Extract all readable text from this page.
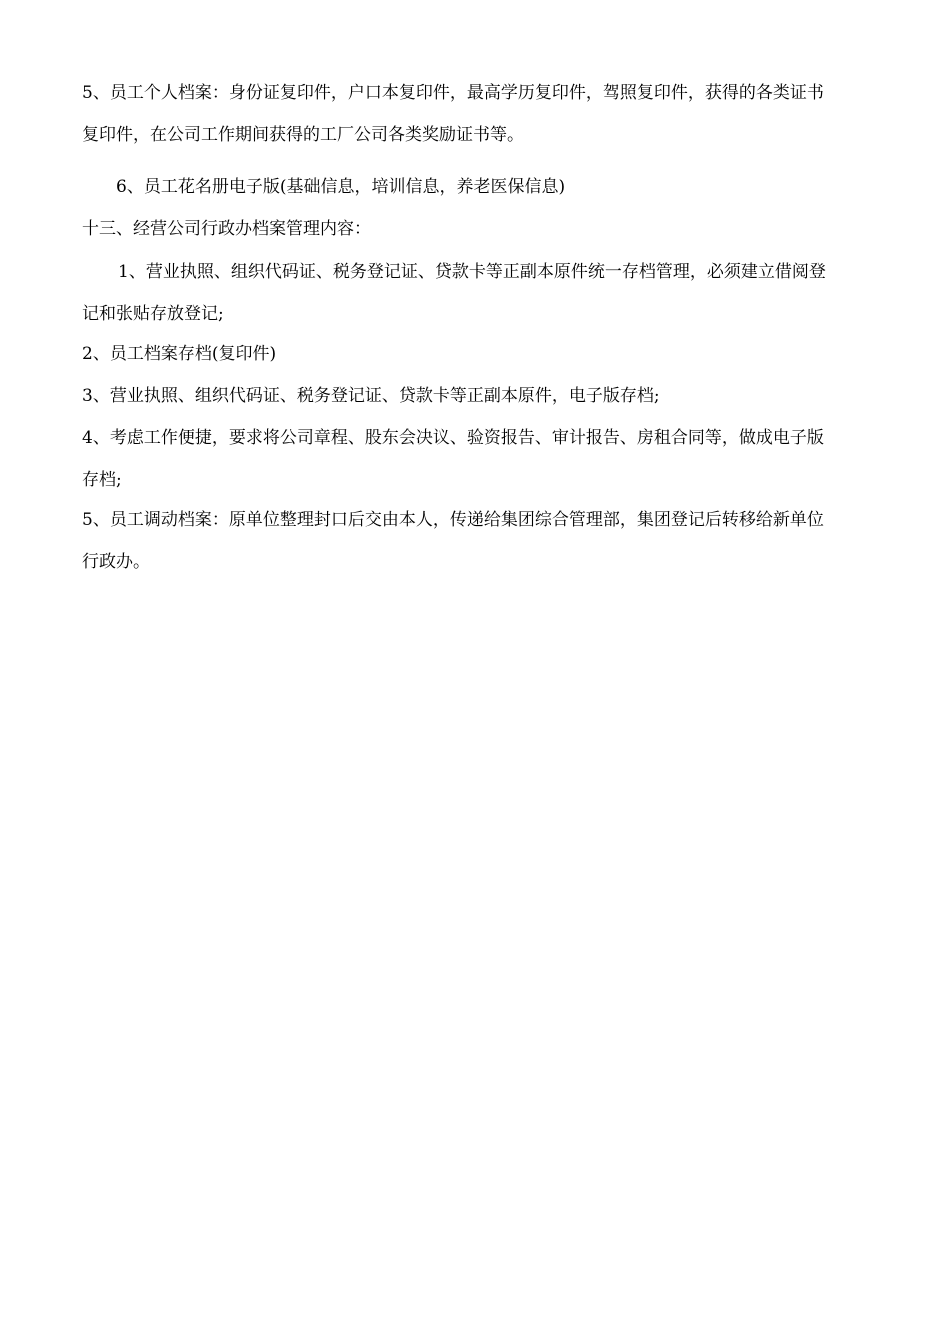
5、员工个人档案：身份证复印件，户口本复印件，最高学历复印件，驾照复印件，获得的各类证书
复印件，在公司工作期间获得的工厂公司各类奖励证书等。
6、员工花名册电子版(基础信息，培训信息，养老医保信息)
十三、经营公司行政办档案管理内容：
1、营业执照、组织代码证、税务登记证、贷款卡等正副本原件统一存档管理，必须建立借阅登
记和张贴存放登记;
2、员工档案存档(复印件)
3、营业执照、组织代码证、税务登记证、贷款卡等正副本原件，电子版存档;
4、考虑工作便捷，要求将公司章程、股东会决议、验资报告、审计报告、房租合同等，做成电子版
存档;
5、员工调动档案：原单位整理封口后交由本人，传递给集团综合管理部，集团登记后转移给新单位
行政办。
